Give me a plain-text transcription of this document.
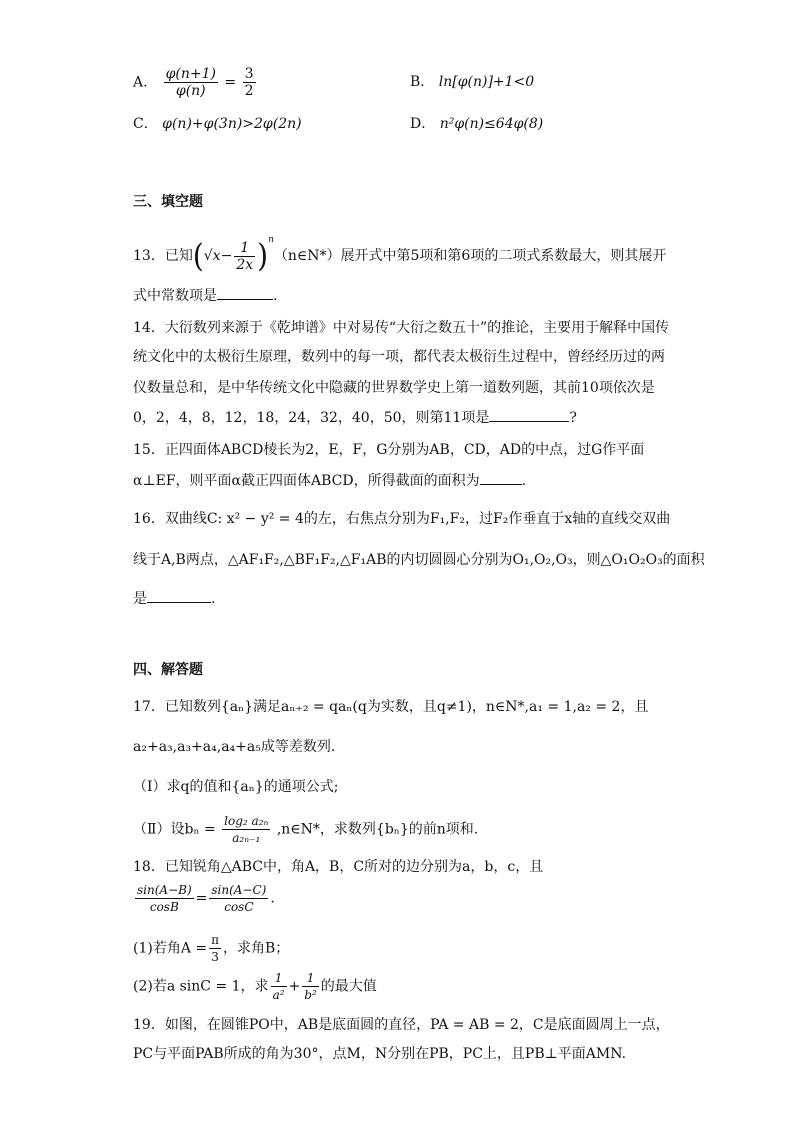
A． $\frac{\varphi(n+1)}{\varphi(n)} = \frac{3}{2}$	B． ln[φ(n)]+1<0
C． φ(n)+φ(3n)>2φ(2n)	D． n²φ(n)≤64φ(8)
三、填空题
13．已知($√x- \frac{1}{2x}$ )$^n(n\in N*)$展开式中第5项和第6项的二项式系数最大，则其展开
式中常数项是	.
14．大衍数列来源于《乾坤谱》中对易传“大衍之数五十”的推论，主要用于解释中国传
统文化中的太极衍生原理，数列中的每一项，都代表太极衍生过程中，曾经经历过的两
仪数量总和，是中华传统文化中隐藏的世界数学史上第一道数列题，其前10项依次是
0，2，4，8，12，18，24，32，40，50，则第11项是	?
15．正四面体ABCD棱长为2，E，F，G分别为AB，CD，AD的中点，过G作平面
α⊥EF，则平面α截正四面体ABCD，所得截面的面积为	.
16．双曲线C: x² − y² = 4的左，右焦点分别为F₁,F₂，过F₂作垂直于x轴的直线交双曲
线于A,B两点，△AF₁F₂,△BF₁F₂,△F₁AB的内切圆圆心分别为O₁,O₂,O₃，则△O₁O₂O₃的面积
是	.
四、解答题
17．已知数列{aₙ}满足aₙ₊₂ = qaₙ(q为实数，且q≠1)，n∈N*,a₁ = 1,a₂ = 2，且
a₂+a₃,a₃+a₄,a₄+a₅成等差数列.
（Ⅰ）求q的值和{aₙ}的通项公式;
（Ⅱ）设$b_n = \frac{\text{log₂ a₂ₙ}}{\text{a₂ₙ₋₁}}$ ,n∈N*，求数列{bₙ}的前n项和.
18．已知锐角△ABC中，角A，B，C所对的边分别为a，b，c，且
$\frac{\sin(A-B)}{\cos B} = \frac{\sin(A-C)}{\cos C}$ .
(1)若角$A = \frac{\pi}{3}$ ，求角B；
(2)若a sinC = 1，求 $\frac{1}{\text{a²}} + \frac{1}{\text{b²}}$ 的最大值
19．如图，在圆锥PO中，AB是底面圆的直径，PA = AB = 2，C是底面圆周上一点，
PC与平面PAB所成的角为30°，点M，N分别在PB，PC上，且PB⊥平面AMN.
